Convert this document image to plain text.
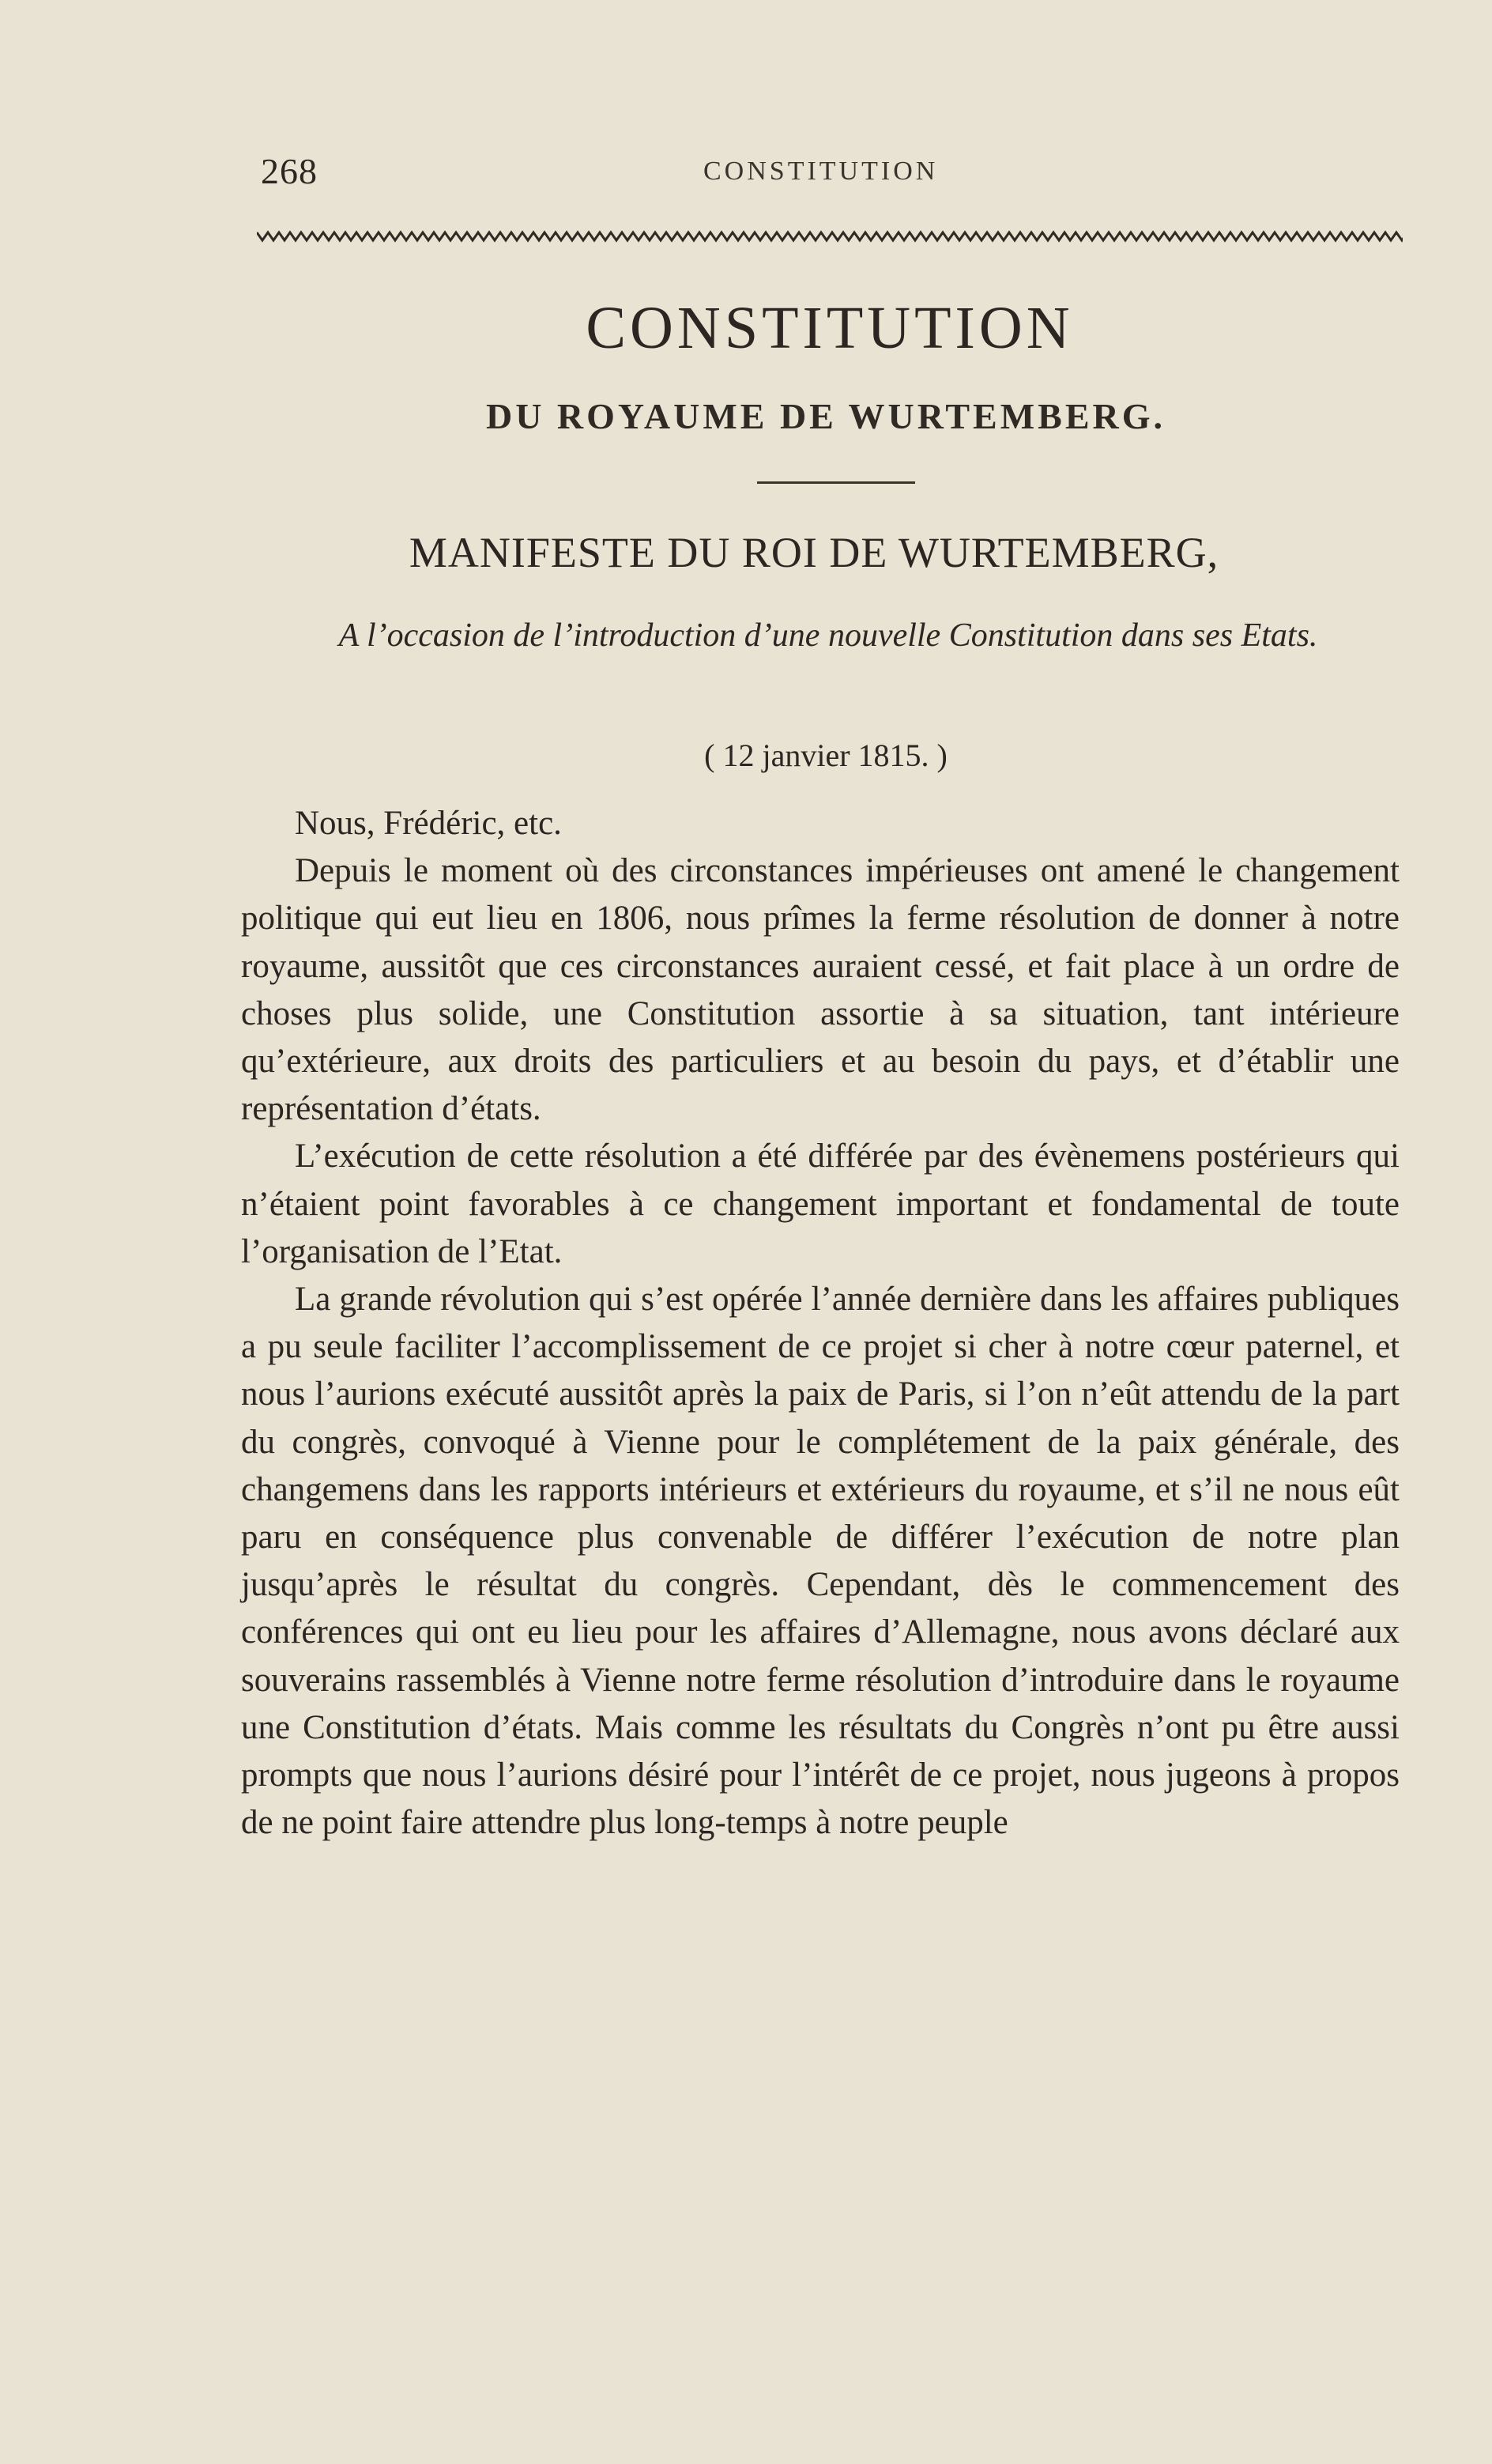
268	CONSTITUTION
CONSTITUTION
DU ROYAUME DE WURTEMBERG.
MANIFESTE DU ROI DE WURTEMBERG,

A l’occasion de l’introduction d’une nouvelle Constitution dans ses Etats.

( 12 janvier 1815. )

Nous, Frédéric, etc.

Depuis le moment où des circonstances impérieuses ont amené le changement politique qui eut lieu en 1806, nous prîmes la ferme résolution de donner à notre royaume, aussitôt que ces circonstances auraient cessé, et fait place à un ordre de choses plus solide, une Constitution assortie à sa situation, tant intérieure qu’extérieure, aux droits des particuliers et au besoin du pays, et d’établir une représentation d’états.

L’exécution de cette résolution a été différée par des évènemens postérieurs qui n’étaient point favorables à ce changement important et fondamental de toute l’organisation de l’Etat.

La grande révolution qui s’est opérée l’année dernière dans les affaires publiques a pu seule faciliter l’accomplissement de ce projet si cher à notre cœur paternel, et nous l’aurions exécuté aussitôt après la paix de Paris, si l’on n’eût attendu de la part du congrès, convoqué à Vienne pour le complétement de la paix générale, des changemens dans les rapports intérieurs et extérieurs du royaume, et s’il ne nous eût paru en conséquence plus convenable de différer l’exécution de notre plan jusqu’après le résultat du congrès. Cependant, dès le commencement des conférences qui ont eu lieu pour les affaires d’Allemagne, nous avons déclaré aux souverains rassemblés à Vienne notre ferme résolution d’introduire dans le royaume une Constitution d’états. Mais comme les résultats du Congrès n’ont pu être aussi prompts que nous l’aurions désiré pour l’intérêt de ce projet, nous jugeons à propos de ne point faire attendre plus long-temps à notre peuple
